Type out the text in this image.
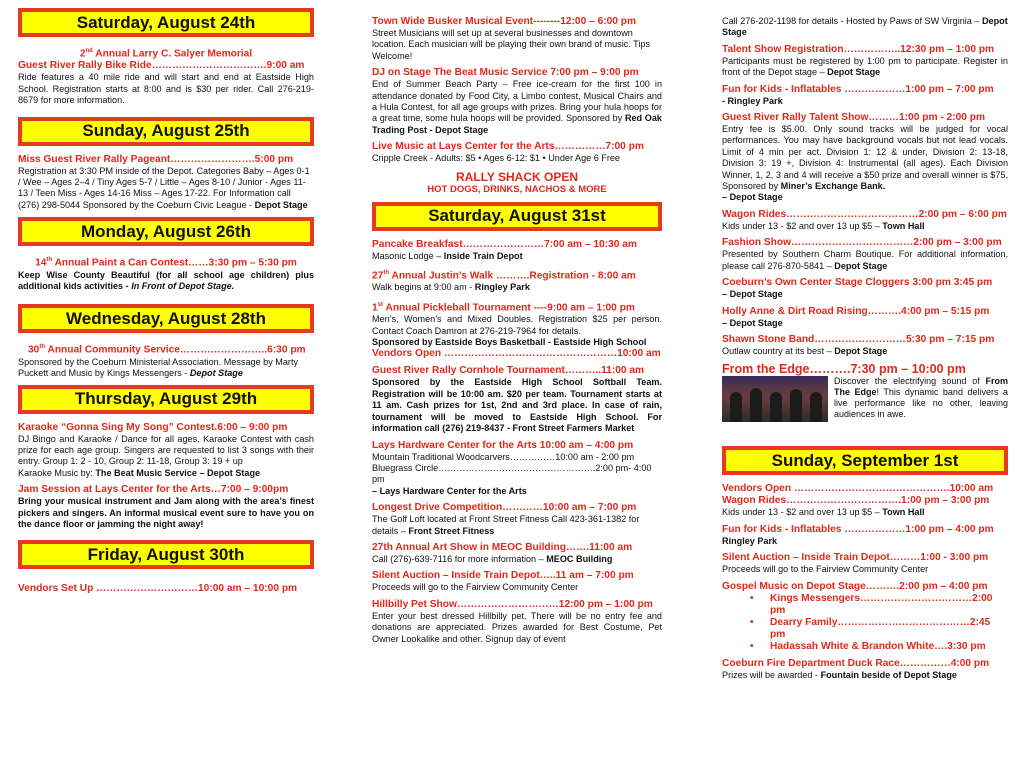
Saturday, August 24th
2nd Annual Larry C. Salyer Memorial
Guest River Rally Bike Ride…………………………….9:00 am
Ride features a 40 mile ride and will start and end at Eastside High School. Registration starts at 8:00 and is $30 per rider. Call 276-219-8679 for more information.
Sunday, August 25th
Miss Guest River Rally Pageant…………………….5:00 pm
Registration at 3:30 PM inside of the Depot. Categories Baby – Ages 0-1 / Wee – Ages 2–4 / Tiny Ages 5-7 / Little – Ages 8-10 / Junior - Ages 11-13 / Teen Miss - Ages 14-16 Miss – Ages 17-22. For Information call (276) 298-5044 Sponsored by the Coeburn Civic League - Depot Stage
Monday, August 26th
14th Annual Paint a Can Contest……3:30 pm – 5:30 pm
Keep Wise County Beautiful (for all school age children) plus additional kids activities - In Front of Depot Stage.
Wednesday, August 28th
30th Annual Community Service……………………..6:30 pm
Sponsored by the Coeburn Ministerial Association. Message by Marty Puckett and Music by Kings Messengers - Depot Stage
Thursday, August 29th
Karaoke “Gonna Sing My Song” Contest.6:00 – 9:00 pm
DJ Bingo and Karaoke / Dance for all ages. Karaoke Contest with cash prize for each age group. Singers are requested to list 3 songs with their entry. Group 1: 2 - 10, Group 2: 11-18, Group 3: 19 + up
Karaoke Music by: The Beat Music Service – Depot Stage
Jam Session at Lays Center for the Arts…7:00 – 9:00pm
Bring your musical instrument and Jam along with the area’s finest pickers and singers. An informal musical event sure to have you on the dance floor or jamming the night away!
Friday, August 30th
Vendors Set Up …………………………10:00 am – 10:00 pm
Town Wide Busker Musical Event--------12:00 – 6:00 pm
Street Musicians will set up at several businesses and downtown location. Each musician will be playing their own brand of music. Tips Welcome!
DJ on Stage The Beat Music Service 7:00 pm – 9:00 pm
End of Summer Beach Party – Free ice-cream for the first 100 in attendance donated by Food City, a Limbo contest, Musical Chairs and a Hula Contest, for all age groups with prizes. Bring your hula hoops for a great time, some hula hoops will be provided. Sponsored by Red Oak Trading Post - Depot Stage
Live Music at Lays Center for the Arts……………7:00 pm
Cripple Creek - Adults: $5 • Ages 6-12: $1 • Under Age 6 Free
RALLY SHACK OPEN
HOT DOGS, DRINKS, NACHOS & MORE
Saturday, August 31st
Pancake Breakfast……………………7:00 am – 10:30 am
Masonic Lodge – Inside Train Depot
27th Annual Justin’s Walk ……….Registration - 8:00 am
Walk begins at 9:00 am - Ringley Park
1st Annual Pickleball Tournament ----9:00 am – 1:00 pm
Men’s, Women’s and Mixed Doubles. Registration $25 per person. Contact Coach Damron at 276-219-7964 for details.
Sponsored by Eastside Boys Basketball - Eastside High School
Vendors Open ……………………………………………10:00 am
Guest River Rally Cornhole Tournament………..11:00 am
Sponsored by the Eastside High School Softball Team. Registration will be 10:00 am. $20 per team. Tournament starts at 11 am. Cash prizes for 1st, 2nd and 3rd place. In case of rain, tournament will be moved to Eastside High School. For information call (276) 219-8437 - Front Street Farmers Market
Lays Hardware Center for the Arts 10:00 am – 4:00 pm
Mountain Traditional Woodcarvers……………10:00 am - 2:00 pm
Bluegrass Circle…………………………………………….2:00 pm- 4:00 pm
– Lays Hardware Center for the Arts
Longest Drive Competition…………10:00 am – 7:00 pm
The Golf Loft located at Front Street Fitness Call 423-361-1382 for details – Front Street Fitness
27th Annual Art Show in MEOC Building…….11:00 am
Call (276)-639-7116 for more information – MEOC Building
Silent Auction – Inside Train Depot…..11 am – 7:00 pm
Proceeds will go to the Fairview Community Center
Hillbilly Pet Show…………………………12:00 pm – 1:00 pm
Enter your best dressed Hillbilly pet. There will be no entry fee and donations are appreciated. Prizes awarded for Best Costume, Pet Owner Lookalike and other. Signup day of event
Call 276-202-1198 for details - Hosted by Paws of SW Virginia – Depot Stage
Talent Show Registration……………..12:30 pm – 1:00 pm
Participants must be registered by 1:00 pm to participate. Register in front of the Depot stage – Depot Stage
Fun for Kids - Inflatables ………………1:00 pm – 7:00 pm
- Ringley Park
Guest River Rally Talent Show………1:00 pm - 2:00 pm
Entry fee is $5.00. Only sound tracks will be judged for vocal performances. You may have background vocals but not lead vocals. Limit of 4 min per act. Division 1: 12 & under, Division 2: 13-18, Division 3: 19 +, Division 4: Instrumental (all ages). Each Division Winner, 1, 2, 3 and 4 will receive a $50 prize and overall winner is $75. Sponsored by Miner’s Exchange Bank.
– Depot Stage
Wagon Rides…………………………………2:00 pm – 6:00 pm
Kids under 13 - $2 and over 13 up $5 – Town Hall
Fashion Show………………………………2:00 pm – 3:00 pm
Presented by Southern Charm Boutique. For additional information, please call 276-870-5841 – Depot Stage
Coeburn’s Own Center Stage Cloggers 3:00 pm 3:45 pm
– Depot Stage
Holly Anne & Dirt Road Rising……….4:00 pm – 5:15 pm
– Depot Stage
Shawn Stone Band………………………5:30 pm – 7:15 pm
Outlaw country at its best – Depot Stage
From the Edge……….7:30 pm – 10:00 pm
Discover the electrifying sound of From The Edge! This dynamic band delivers a live performance like no other, leaving audiences in awe.
Sunday, September 1st
Vendors Open ……………………………………….10:00 am
Wagon Rides…………………………….1:00 pm – 3:00 pm
Kids under 13 - $2 and over 13 up $5 – Town Hall
Fun for Kids - Inflatables ………………1:00 pm – 4:00 pm
Ringley Park
Silent Auction – Inside Train Depot………1:00 - 3:00 pm
Proceeds will go to the Fairview Community Center
Gospel Music on Depot Stage……….2:00 pm – 4:00 pm
• Kings Messengers……………………………2:00 pm
• Dearry Family…………………………………2:45 pm
• Hadassah White & Brandon White….3:30 pm
Coeburn Fire Department Duck Race……………4:00 pm
Prizes will be awarded - Fountain beside of Depot Stage
